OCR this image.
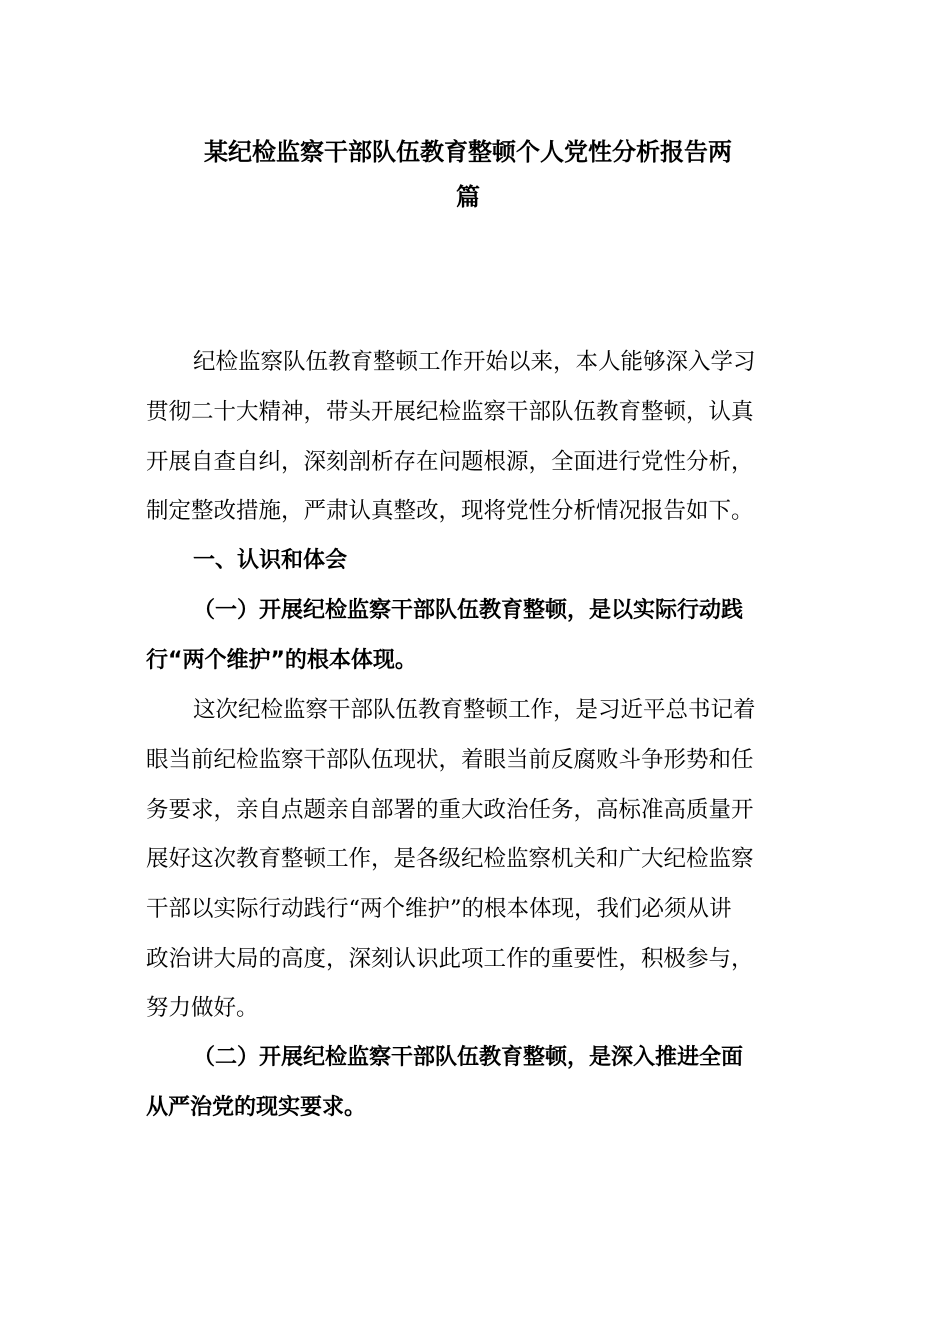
某纪检监察干部队伍教育整顿个人党性分析报告两
篇

纪检监察队伍教育整顿工作开始以来，本人能够深入学习

贯彻二十大精神，带头开展纪检监察干部队伍教育整顿，认真

开展自查自纠，深刻剖析存在问题根源，全面进行党性分析，

制定整改措施，严肃认真整改，现将党性分析情况报告如下。

一、认识和体会

（一）开展纪检监察干部队伍教育整顿，是以实际行动践

行“两个维护”的根本体现。

这次纪检监察干部队伍教育整顿工作，是习近平总书记着

眼当前纪检监察干部队伍现状，着眼当前反腐败斗争形势和任

务要求，亲自点题亲自部署的重大政治任务，高标准高质量开

展好这次教育整顿工作，是各级纪检监察机关和广大纪检监察

干部以实际行动践行“两个维护”的根本体现，我们必须从讲

政治讲大局的高度，深刻认识此项工作的重要性，积极参与，

努力做好。

（二）开展纪检监察干部队伍教育整顿，是深入推进全面

从严治党的现实要求。
